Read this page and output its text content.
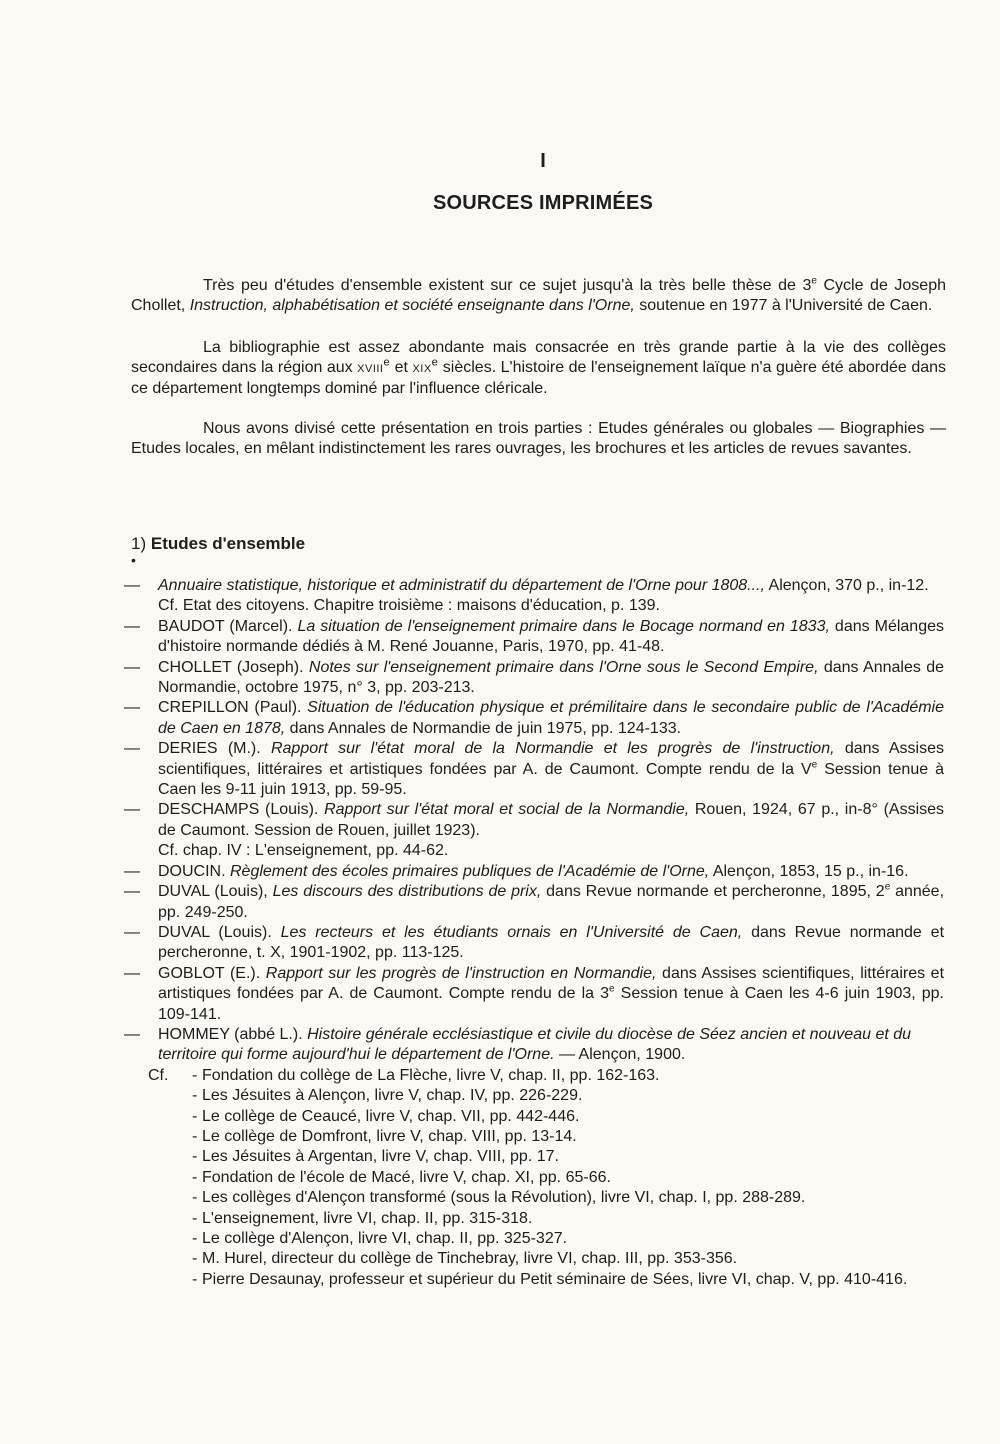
I
SOURCES IMPRIMÉES

Très peu d'études d'ensemble existent sur ce sujet jusqu'à la très belle thèse de 3e Cycle de Joseph Chollet, Instruction, alphabétisation et société enseignante dans l'Orne, soutenue en 1977 à l'Université de Caen.

La bibliographie est assez abondante mais consacrée en très grande partie à la vie des collèges secondaires dans la région aux XVIIIe et XIXe siècles. L'histoire de l'enseignement laïque n'a guère été abordée dans ce département longtemps dominé par l'influence cléricale.

Nous avons divisé cette présentation en trois parties : Etudes générales ou globales — Biographies — Etudes locales, en mêlant indistinctement les rares ouvrages, les brochures et les articles de revues savantes.

1) Etudes d'ensemble
•
— Annuaire statistique, historique et administratif du département de l'Orne pour 1808..., Alençon, 370 p., in-12.
Cf. Etat des citoyens. Chapitre troisième : maisons d'éducation, p. 139.
— BAUDOT (Marcel). La situation de l'enseignement primaire dans le Bocage normand en 1833, dans Mélanges d'histoire normande dédiés à M. René Jouanne, Paris, 1970, pp. 41-48.
— CHOLLET (Joseph). Notes sur l'enseignement primaire dans l'Orne sous le Second Empire, dans Annales de Normandie, octobre 1975, n° 3, pp. 203-213.
— CREPILLON (Paul). Situation de l'éducation physique et prémilitaire dans le secondaire public de l'Académie de Caen en 1878, dans Annales de Normandie de juin 1975, pp. 124-133.
— DERIES (M.). Rapport sur l'état moral de la Normandie et les progrès de l'instruction, dans Assises scientifiques, littéraires et artistiques fondées par A. de Caumont. Compte rendu de la Ve Session tenue à Caen les 9-11 juin 1913, pp. 59-95.
— DESCHAMPS (Louis). Rapport sur l'état moral et social de la Normandie, Rouen, 1924, 67 p., in-8° (Assises de Caumont. Session de Rouen, juillet 1923).
Cf. chap. IV : L'enseignement, pp. 44-62.
— DOUCIN. Règlement des écoles primaires publiques de l'Académie de l'Orne, Alençon, 1853, 15 p., in-16.
— DUVAL (Louis), Les discours des distributions de prix, dans Revue normande et percheronne, 1895, 2e année, pp. 249-250.
— DUVAL (Louis). Les recteurs et les étudiants ornais en l'Université de Caen, dans Revue normande et percheronne, t. X, 1901-1902, pp. 113-125.
— GOBLOT (E.). Rapport sur les progrès de l'instruction en Normandie, dans Assises scientifiques, littéraires et artistiques fondées par A. de Caumont. Compte rendu de la 3e Session tenue à Caen les 4-6 juin 1903, pp. 109-141.
— HOMMEY (abbé L.). Histoire générale ecclésiastique et civile du diocèse de Séez ancien et nouveau et du territoire qui forme aujourd'hui le département de l'Orne. — Alençon, 1900.
Cf. - Fondation du collège de La Flèche, livre V, chap. II, pp. 162-163.
- Les Jésuites à Alençon, livre V, chap. IV, pp. 226-229.
- Le collège de Ceaucé, livre V, chap. VII, pp. 442-446.
- Le collège de Domfront, livre V, chap. VIII, pp. 13-14.
- Les Jésuites à Argentan, livre V, chap. VIII, pp. 17.
- Fondation de l'école de Macé, livre V, chap. XI, pp. 65-66.
- Les collèges d'Alençon transformé (sous la Révolution), livre VI, chap. I, pp. 288-289.
- L'enseignement, livre VI, chap. II, pp. 315-318.
- Le collège d'Alençon, livre VI, chap. II, pp. 325-327.
- M. Hurel, directeur du collège de Tinchebray, livre VI, chap. III, pp. 353-356.
- Pierre Desaunay, professeur et supérieur du Petit séminaire de Sées, livre VI, chap. V, pp. 410-416.
